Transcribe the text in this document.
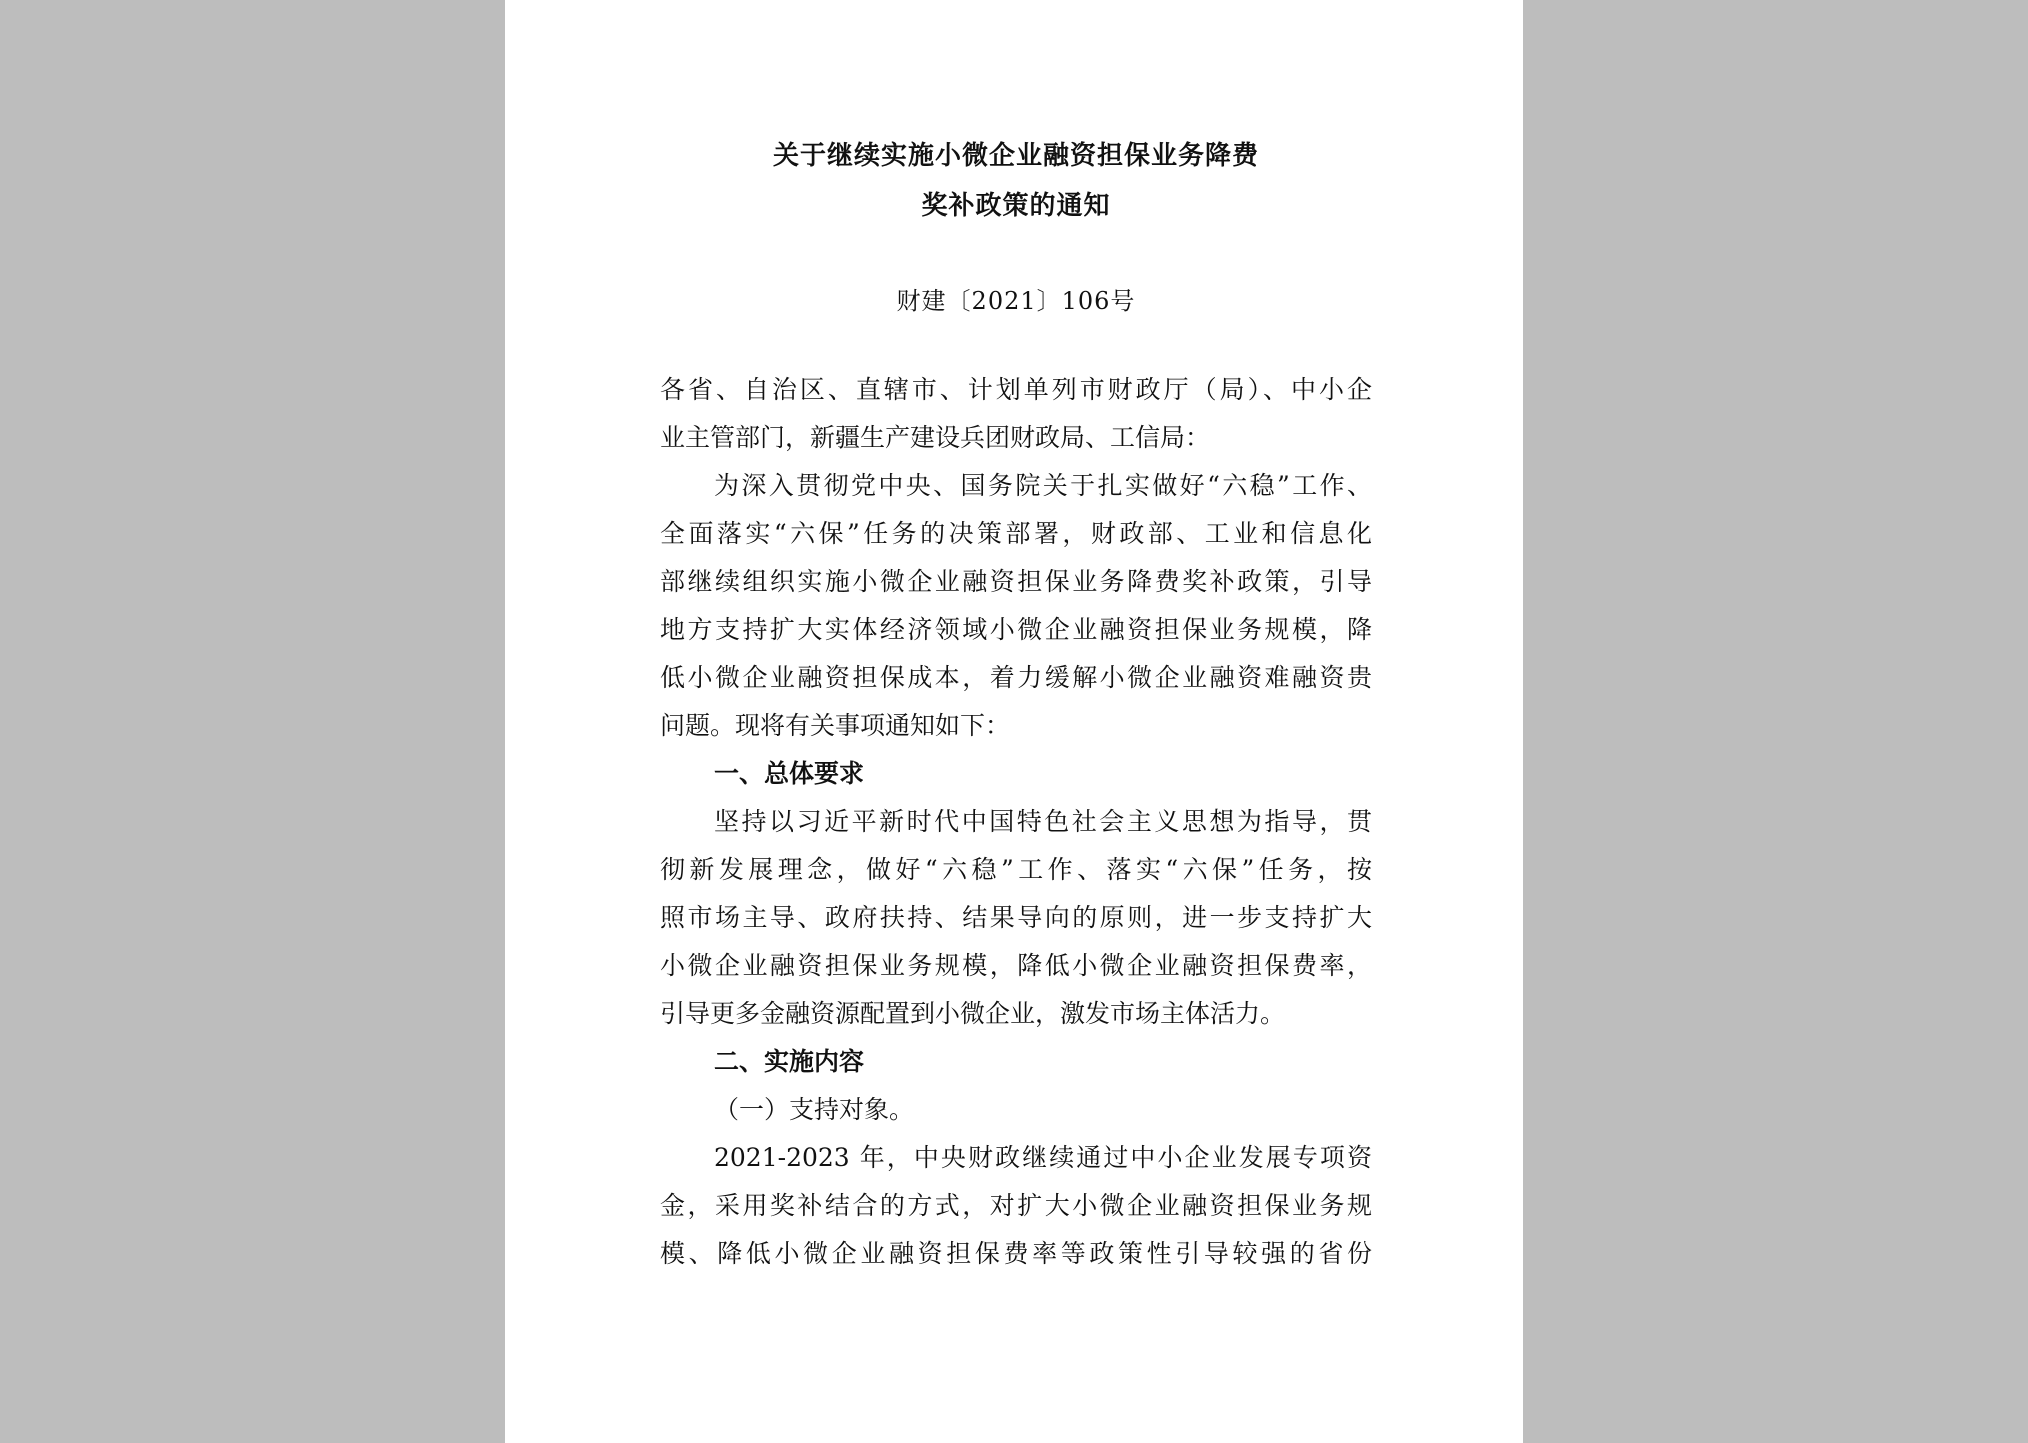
关于继续实施小微企业融资担保业务降费
奖补政策的通知
财建〔2021〕106号
各省、自治区、直辖市、计划单列市财政厅（局）、中小企
业主管部门，新疆生产建设兵团财政局、工信局：
为深入贯彻党中央、国务院关于扎实做好“六稳”工作、
全面落实“六保”任务的决策部署，财政部、工业和信息化
部继续组织实施小微企业融资担保业务降费奖补政策，引导
地方支持扩大实体经济领域小微企业融资担保业务规模，降
低小微企业融资担保成本，着力缓解小微企业融资难融资贵
问题。现将有关事项通知如下：
一、总体要求
坚持以习近平新时代中国特色社会主义思想为指导，贯
彻新发展理念，做好“六稳”工作、落实“六保”任务，按
照市场主导、政府扶持、结果导向的原则，进一步支持扩大
小微企业融资担保业务规模，降低小微企业融资担保费率，
引导更多金融资源配置到小微企业，激发市场主体活力。
二、实施内容
（一）支持对象。
2021-2023 年，中央财政继续通过中小企业发展专项资
金，采用奖补结合的方式，对扩大小微企业融资担保业务规
模、降低小微企业融资担保费率等政策性引导较强的省份
